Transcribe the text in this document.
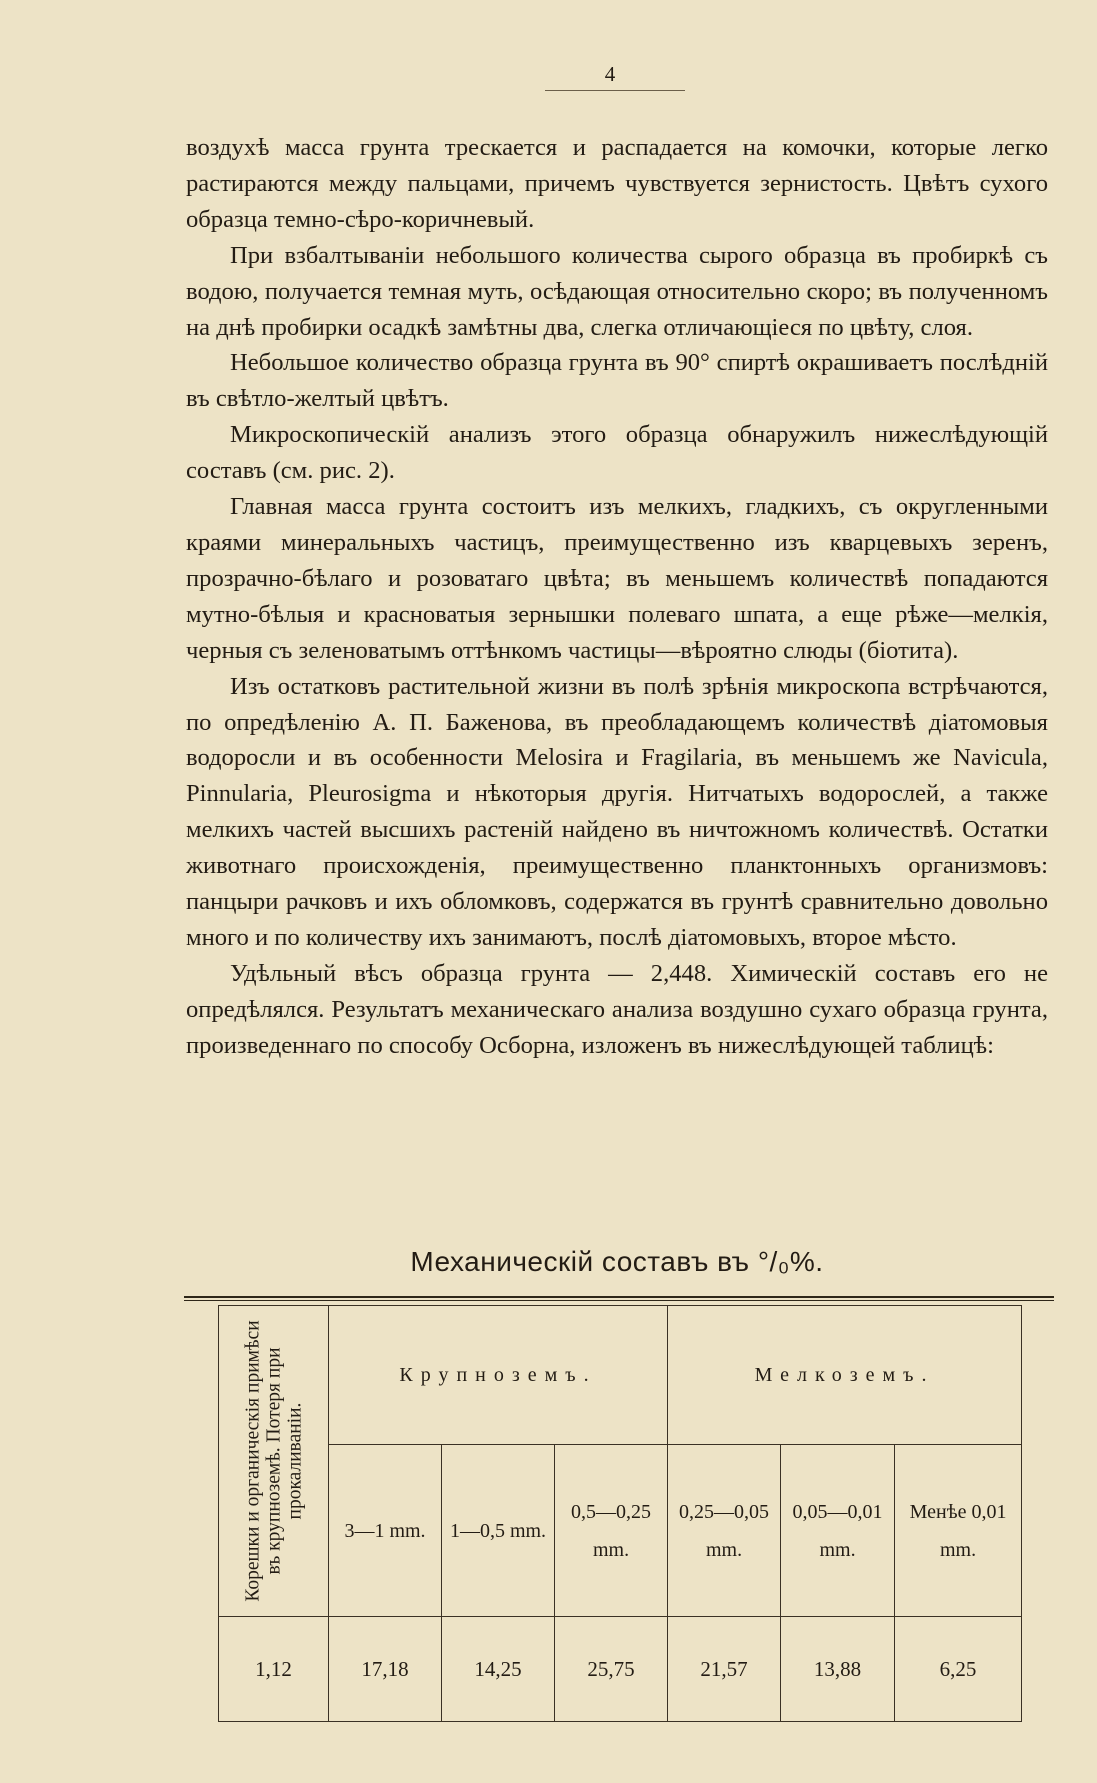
4

воздухѣ масса грунта трескается и распадается на комочки, которые легко растираются между пальцами, причемъ чувствуется зернистость. Цвѣтъ сухого образца темно-сѣро-коричневый.

При взбалтываніи небольшого количества сырого образца въ пробиркѣ съ водою, получается темная муть, осѣдающая относительно скоро; въ полученномъ на днѣ пробирки осадкѣ замѣтны два, слегка отличающіеся по цвѣту, слоя.

Небольшое количество образца грунта въ 90° спиртѣ окрашиваетъ послѣдній въ свѣтло-желтый цвѣтъ.

Микроскопическій анализъ этого образца обнаружилъ нижеслѣдующій составъ (см. рис. 2).

Главная масса грунта состоитъ изъ мелкихъ, гладкихъ, съ округленными краями минеральныхъ частицъ, преимущественно изъ кварцевыхъ зеренъ, прозрачно-бѣлаго и розоватаго цвѣта; въ меньшемъ количествѣ попадаются мутно-бѣлыя и красноватыя зернышки полеваго шпата, а еще рѣже—мелкія, черныя съ зеленоватымъ оттѣнкомъ частицы—вѣроятно слюды (біотита).

Изъ остатковъ растительной жизни въ полѣ зрѣнія микроскопа встрѣчаются, по опредѣленію А. П. Баженова, въ преобладающемъ количествѣ діатомовыя водоросли и въ особенности Melosira и Fragilaria, въ меньшемъ же Navicula, Pinnularia, Pleurosigma и нѣкоторыя другія. Нитчатыхъ водорослей, а также мелкихъ частей высшихъ растеній найдено въ ничтожномъ количествѣ. Остатки животнаго происхожденія, преимущественно планктонныхъ организмовъ: панцыри рачковъ и ихъ обломковъ, содержатся въ грунтѣ сравнительно довольно много и по количеству ихъ занимаютъ, послѣ діатомовыхъ, второе мѣсто.

Удѣльный вѣсъ образца грунта — 2,448. Химическій составъ его не опредѣлялся. Результатъ механическаго анализа воздушно сухаго образца грунта, произведеннаго по способу Осборна, изложенъ въ нижеслѣдующей таблицѣ:

Механическій составъ въ °/₀%.
Корешки и органическія примѣси въ крупноземѣ. Потеря при прокаливаніи.	Крупноземъ.			Мелкоземъ.		
	3—1 mm.	1—0,5 mm.	0,5—0,25 mm.	0,25—0,05 mm.	0,05—0,01 mm.	Менѣе 0,01 mm.
1,12	17,18	14,25	25,75	21,57	13,88	6,25
